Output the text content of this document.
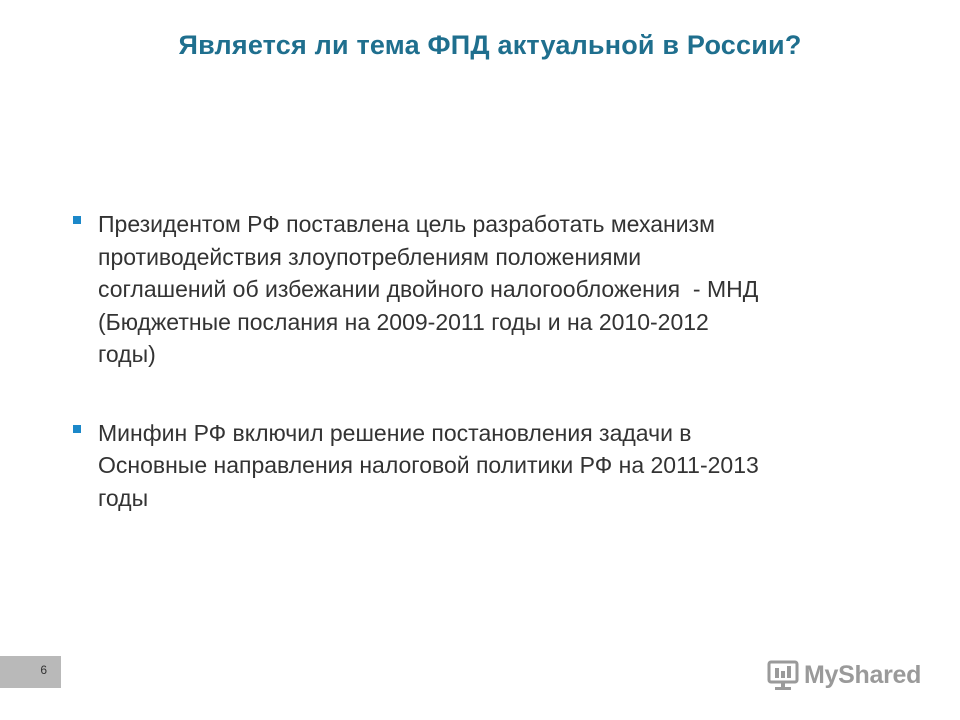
Является ли тема ФПД актуальной в России?
Президентом РФ поставлена цель разработать механизм
противодействия злоупотреблениям положениями
соглашений об избежании двойного налогообложения  - МНД
(Бюджетные послания на 2009-2011 годы и на 2010-2012
годы)
Минфин РФ включил решение постановления задачи в
Основные направления налоговой политики РФ на 2011-2013
годы
6	MyShared
